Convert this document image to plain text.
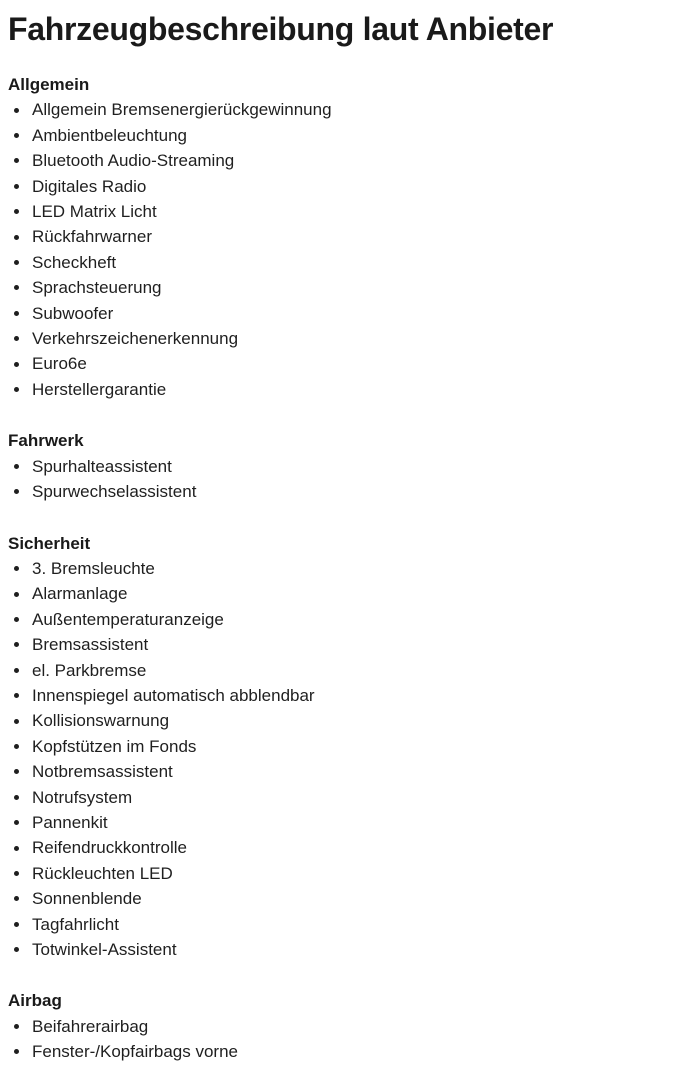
Fahrzeugbeschreibung laut Anbieter
Allgemein
Allgemein Bremsenergierückgewinnung
Ambientbeleuchtung
Bluetooth Audio-Streaming
Digitales Radio
LED Matrix Licht
Rückfahrwarner
Scheckheft
Sprachsteuerung
Subwoofer
Verkehrszeichenerkennung
Euro6e
Herstellergarantie
Fahrwerk
Spurhalteassistent
Spurwechselassistent
Sicherheit
3. Bremsleuchte
Alarmanlage
Außentemperaturanzeige
Bremsassistent
el. Parkbremse
Innenspiegel automatisch abblendbar
Kollisionswarnung
Kopfstützen im Fonds
Notbremsassistent
Notrufsystem
Pannenkit
Reifendruckkontrolle
Rückleuchten LED
Sonnenblende
Tagfahrlicht
Totwinkel-Assistent
Airbag
Beifahrerairbag
Fenster-/Kopfairbags vorne
